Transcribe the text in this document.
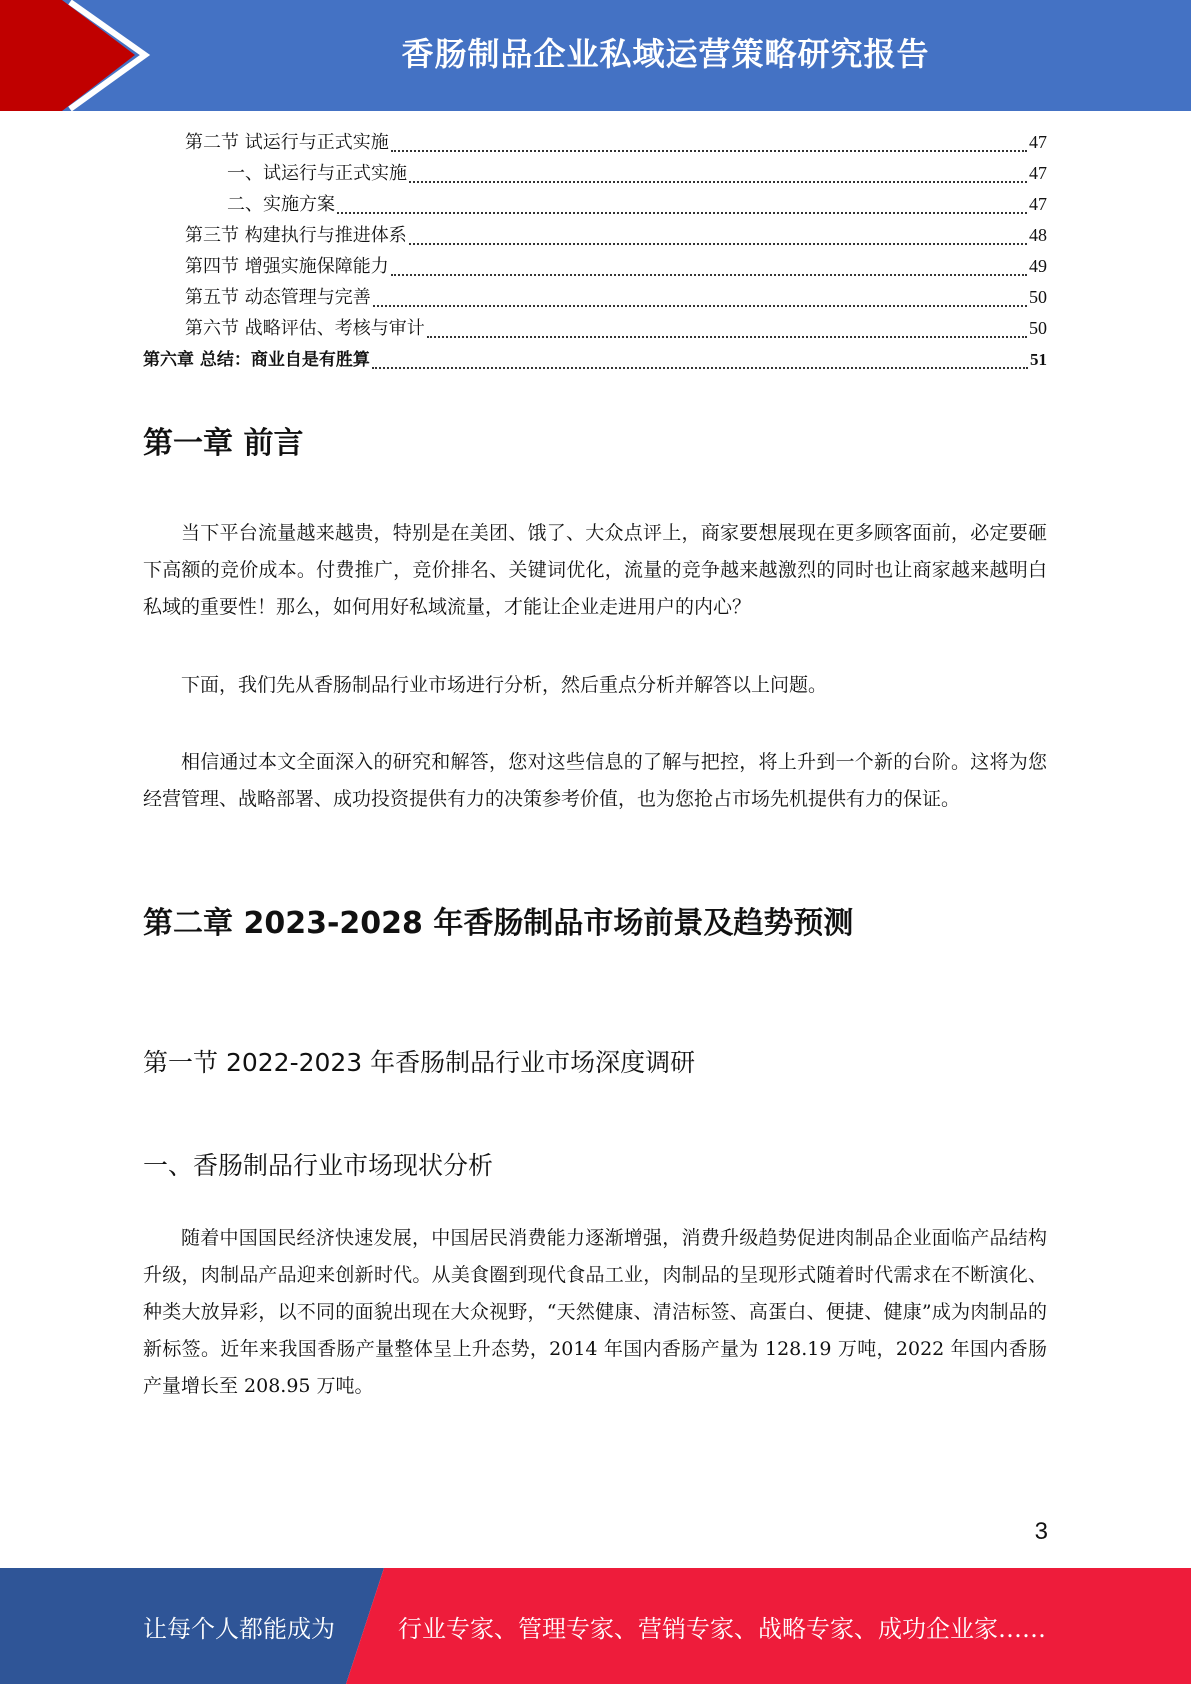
香肠制品企业私域运营策略研究报告
第二节 试运行与正式实施	47
一、试运行与正式实施	47
二、实施方案	47
第三节 构建执行与推进体系	48
第四节 增强实施保障能力	49
第五节 动态管理与完善	50
第六节 战略评估、考核与审计	50
第六章 总结：商业自是有胜算	51
第一章 前言

当下平台流量越来越贵，特别是在美团、饿了、大众点评上，商家要想展现在更多顾客面前，必定要砸下高额的竞价成本。付费推广，竞价排名、关键词优化，流量的竞争越来越激烈的同时也让商家越来越明白私域的重要性！那么，如何用好私域流量，才能让企业走进用户的内心？

下面，我们先从香肠制品行业市场进行分析，然后重点分析并解答以上问题。

相信通过本文全面深入的研究和解答，您对这些信息的了解与把控，将上升到一个新的台阶。这将为您经营管理、战略部署、成功投资提供有力的决策参考价值，也为您抢占市场先机提供有力的保证。

第二章 2023-2028 年香肠制品市场前景及趋势预测
第一节 2022-2023 年香肠制品行业市场深度调研
一、香肠制品行业市场现状分析

随着中国国民经济快速发展，中国居民消费能力逐渐增强，消费升级趋势促进肉制品企业面临产品结构升级，肉制品产品迎来创新时代。从美食圈到现代食品工业，肉制品的呈现形式随着时代需求在不断演化、种类大放异彩，以不同的面貌出现在大众视野，“天然健康、清洁标签、高蛋白、便捷、健康”成为肉制品的新标签。近年来我国香肠产量整体呈上升态势，2014 年国内香肠产量为 128.19 万吨，2022 年国内香肠产量增长至 208.95 万吨。

3
让每个人都能成为	行业专家、管理专家、营销专家、战略专家、成功企业家……
